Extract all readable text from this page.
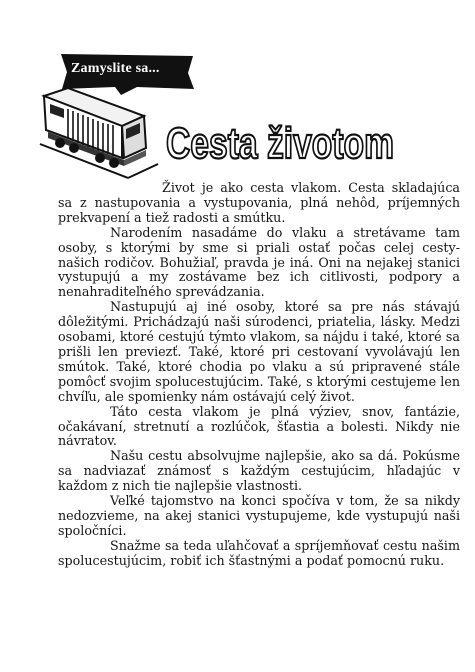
Zamyslite sa...
Cesta životom

Život je ako cesta vlakom. Cesta skladajúca sa z nastupovania a vystupovania, plná nehôd, príjemných prekvapení a tiež radosti a smútku.

Narodením nasadáme do vlaku a stretávame tam osoby, s ktorými by sme si priali ostať počas celej cesty- našich rodičov. Bohužiaľ, pravda je iná. Oni na nejakej stanici vystupujú a my zostávame bez ich citlivosti, podpory a nenahraditeľného sprevádzania.

Nastupujú aj iné osoby, ktoré sa pre nás stávajú dôležitými. Prichádzajú naši súrodenci, priatelia, lásky. Medzi osobami, ktoré cestujú týmto vlakom, sa nájdu i také, ktoré sa prišli len previezť. Také, ktoré pri cestovaní vyvolávajú len smútok. Také, ktoré chodia po vlaku a sú pripravené stále pomôcť svojim spolucestujúcim. Také, s ktorými cestujeme len chvíľu, ale spomienky nám ostávajú celý život.

Táto cesta vlakom je plná výziev, snov, fantázie, očakávaní, stretnutí a rozlúčok, šťastia a bolesti. Nikdy nie návratov.

Našu cestu absolvujme najlepšie, ako sa dá. Pokúsme sa nadviazať známosť s každým cestujúcim, hľadajúc v každom z nich tie najlepšie vlastnosti.

Veľké tajomstvo na konci spočíva v tom, že sa nikdy nedozvieme, na akej stanici vystupujeme, kde vystupujú naši spoločníci.

Snažme sa teda uľahčovať a spríjemňovať cestu našim spolucestujúcim, robiť ich šťastnými a podať pomocnú ruku.
